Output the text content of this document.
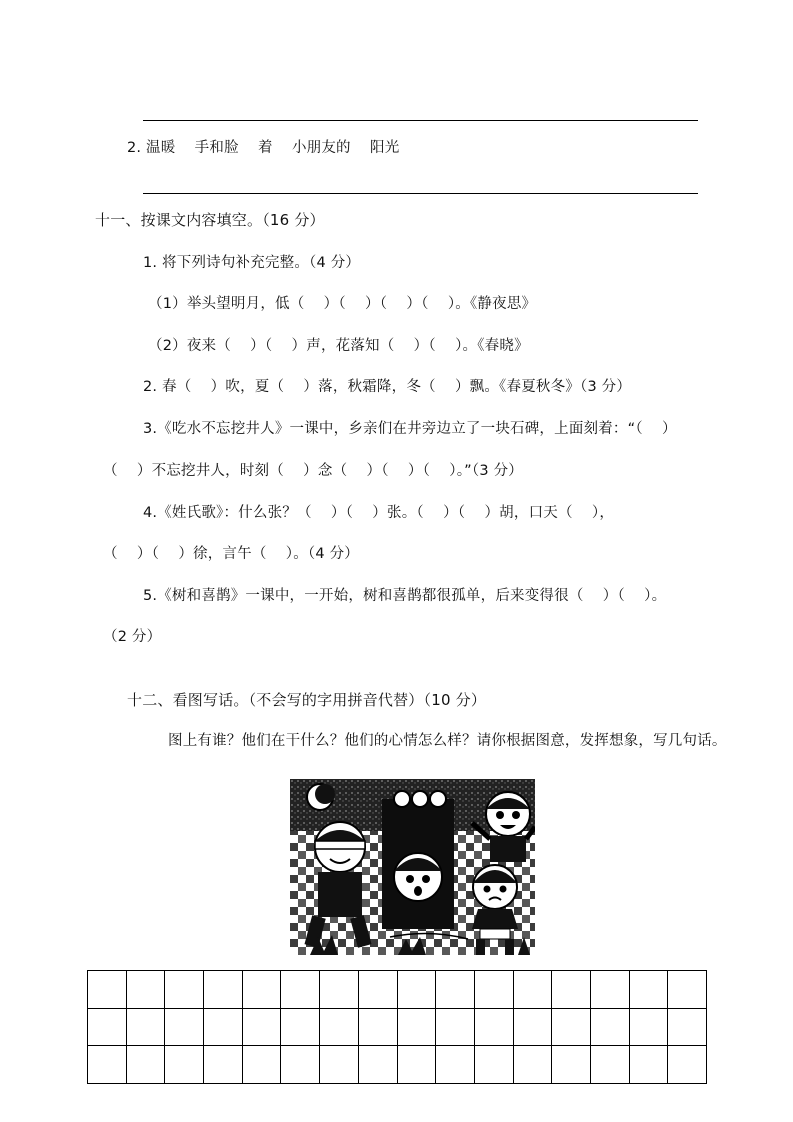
2. 温暖    手和脸    着    小朋友的    阳光
十一、按课文内容填空。（16 分）
1. 将下列诗句补充完整。（4 分）
（1）举头望明月，低（    ）（    ）（    ）（    ）。《静夜思》
（2）夜来（    ）（    ）声，花落知（    ）（    ）。《春晓》
2. 春（    ）吹，夏（    ）落，秋霜降，冬（    ）飘。《春夏秋冬》（3 分）
3.《吃水不忘挖井人》一课中，乡亲们在井旁边立了一块石碑，上面刻着：“（    ）
（    ）不忘挖井人，时刻（    ）念（    ）（    ）（    ）。”（3 分）
4.《姓氏歌》：什么张？（    ）（    ）张。（    ）（    ）胡，口天（    ），
（    ）（    ）徐，言午（    ）。（4 分）
5.《树和喜鹊》一课中，一开始，树和喜鹊都很孤单，后来变得很（    ）（    ）。
（2 分）
十二、看图写话。（不会写的字用拼音代替）（10 分）
图上有谁？他们在干什么？他们的心情怎么样？请你根据图意，发挥想象，写几句话。
